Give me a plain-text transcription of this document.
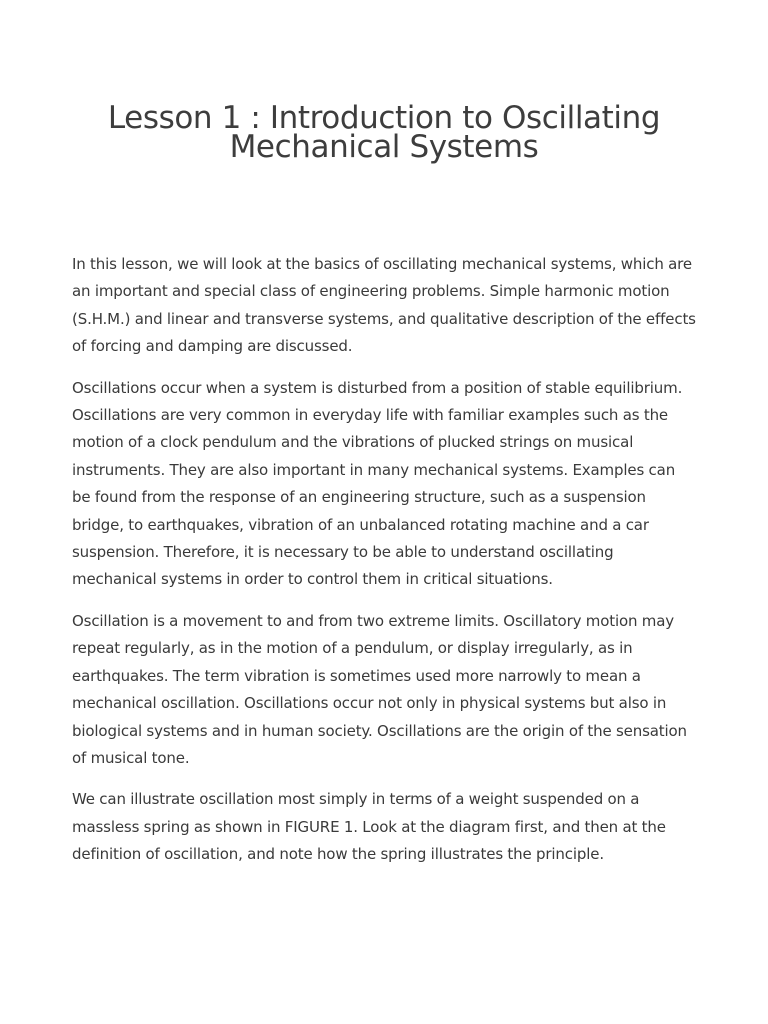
Lesson 1 : Introduction to Oscillating
Mechanical Systems

In this lesson, we will look at the basics of oscillating mechanical systems, which are an important and special class of engineering problems. Simple harmonic motion (S.H.M.) and linear and transverse systems, and qualitative description of the effects of forcing and damping are discussed.

Oscillations occur when a system is disturbed from a position of stable equilibrium. Oscillations are very common in everyday life with familiar examples such as the motion of a clock pendulum and the vibrations of plucked strings on musical instruments. They are also important in many mechanical systems. Examples can be found from the response of an engineering structure, such as a suspension bridge, to earthquakes, vibration of an unbalanced rotating machine and a car suspension. Therefore, it is necessary to be able to understand oscillating mechanical systems in order to control them in critical situations.

Oscillation is a movement to and from two extreme limits. Oscillatory motion may repeat regularly, as in the motion of a pendulum, or display irregularly, as in earthquakes. The term vibration is sometimes used more narrowly to mean a mechanical oscillation. Oscillations occur not only in physical systems but also in biological systems and in human society. Oscillations are the origin of the sensation of musical tone.

We can illustrate oscillation most simply in terms of a weight suspended on a massless spring as shown in FIGURE 1. Look at the diagram first, and then at the definition of oscillation, and note how the spring illustrates the principle.
